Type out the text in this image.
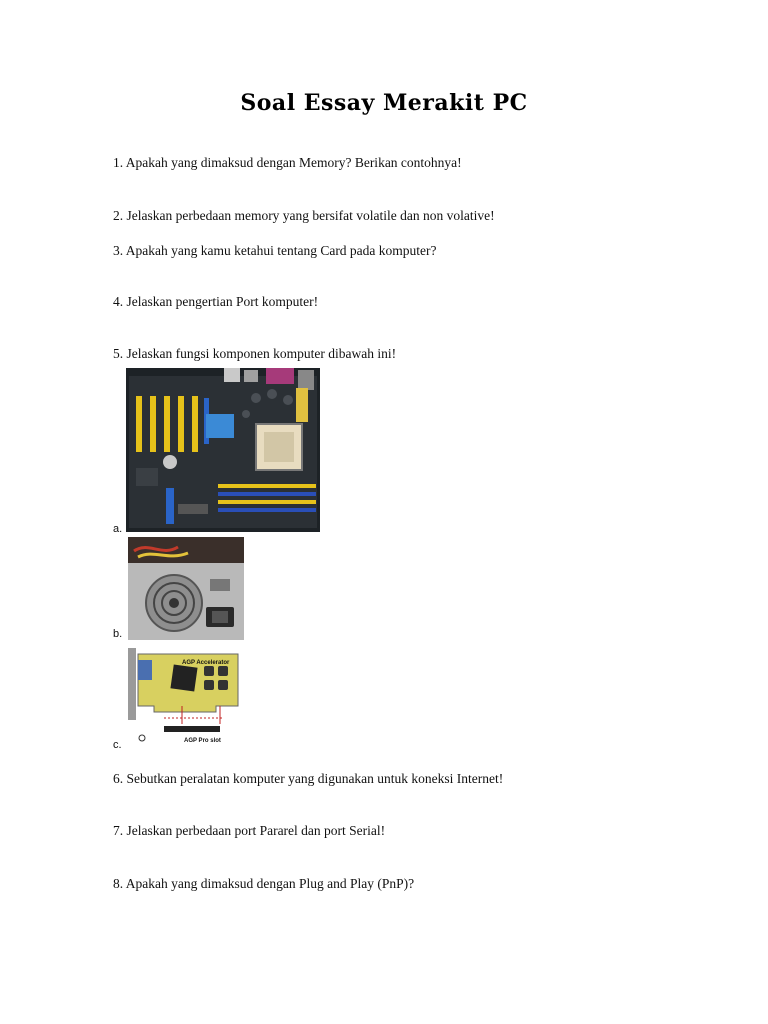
Soal Essay Merakit PC
1. Apakah yang dimaksud dengan Memory? Berikan contohnya!
2. Jelaskan perbedaan memory yang bersifat volatile dan non volative!
3. Apakah yang kamu ketahui tentang Card pada komputer?
4. Jelaskan pengertian Port komputer!
5. Jelaskan fungsi komponen komputer dibawah ini!
a.
b.
AGP Accelerator
AGP Pro slot
c.
6. Sebutkan peralatan komputer yang digunakan untuk koneksi Internet!
7. Jelaskan perbedaan port Pararel dan port Serial!
8. Apakah yang dimaksud dengan Plug and Play (PnP)?
